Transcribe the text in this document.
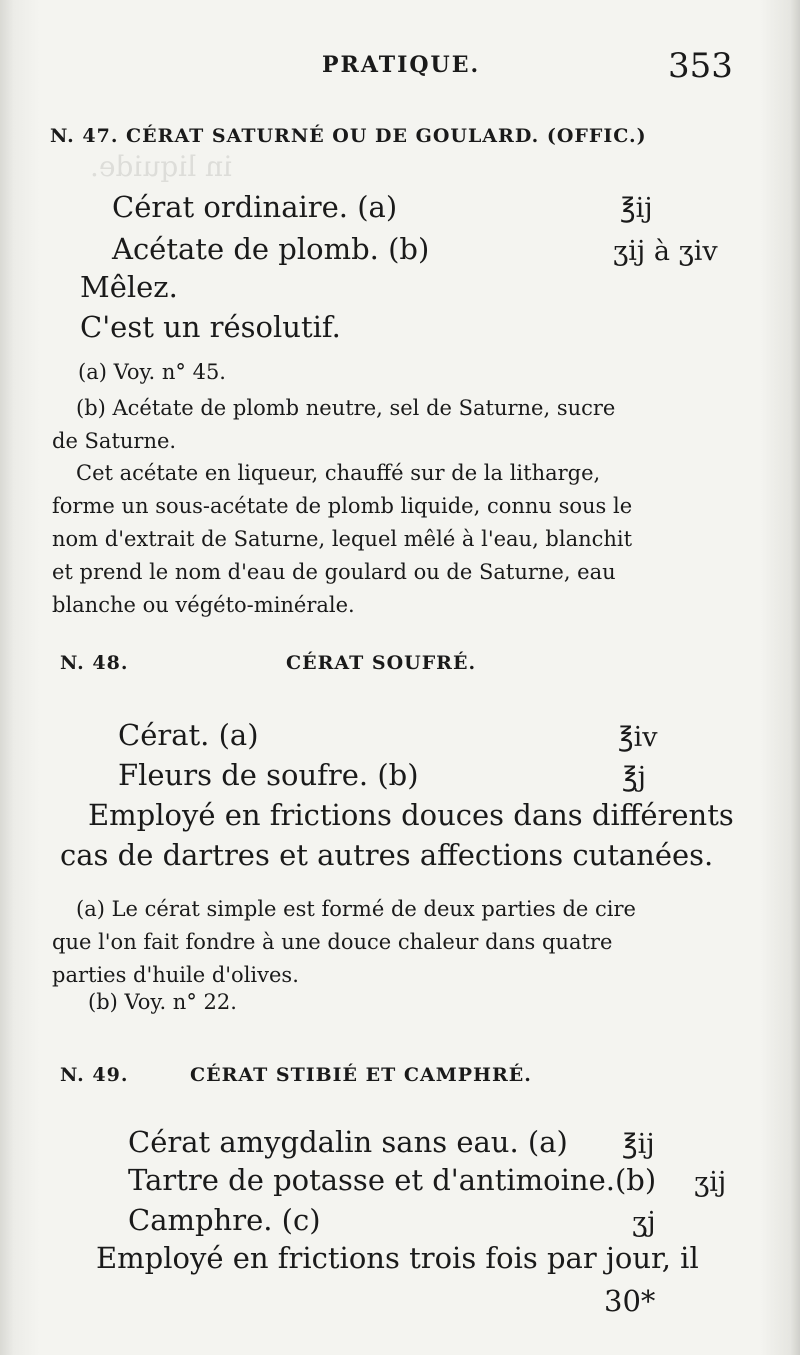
in liquide.
PRATIQUE.	353
N. 47. CÉRAT SATURNÉ OU DE GOULARD. (OFFIC.)
Cérat ordinaire. (a)	℥ij
Acétate de plomb. (b)	ʒij à ʒiv
Mêlez.
C'est un résolutif.
(a) Voy. n° 45.
(b) Acétate de plomb neutre, sel de Saturne, sucre
de Saturne.
Cet acétate en liqueur, chauffé sur de la litharge,
forme un sous-acétate de plomb liquide, connu sous le
nom d'extrait de Saturne, lequel mêlé à l'eau, blanchit
et prend le nom d'eau de goulard ou de Saturne, eau
blanche ou végéto-minérale.
N. 48.	CÉRAT SOUFRÉ.
Cérat. (a)	℥iv
Fleurs de soufre. (b)	℥j
Employé en frictions douces dans différents
cas de dartres et autres affections cutanées.
(a) Le cérat simple est formé de deux parties de cire
que l'on fait fondre à une douce chaleur dans quatre
parties d'huile d'olives.
(b) Voy. n° 22.
N. 49.	CÉRAT STIBIÉ ET CAMPHRÉ.
Cérat amygdalin sans eau. (a) ℥ij
Tartre de potasse et d'antimoine.(b) ʒij
Camphre. (c)	ʒj
Employé en frictions trois fois par jour, il
30*
